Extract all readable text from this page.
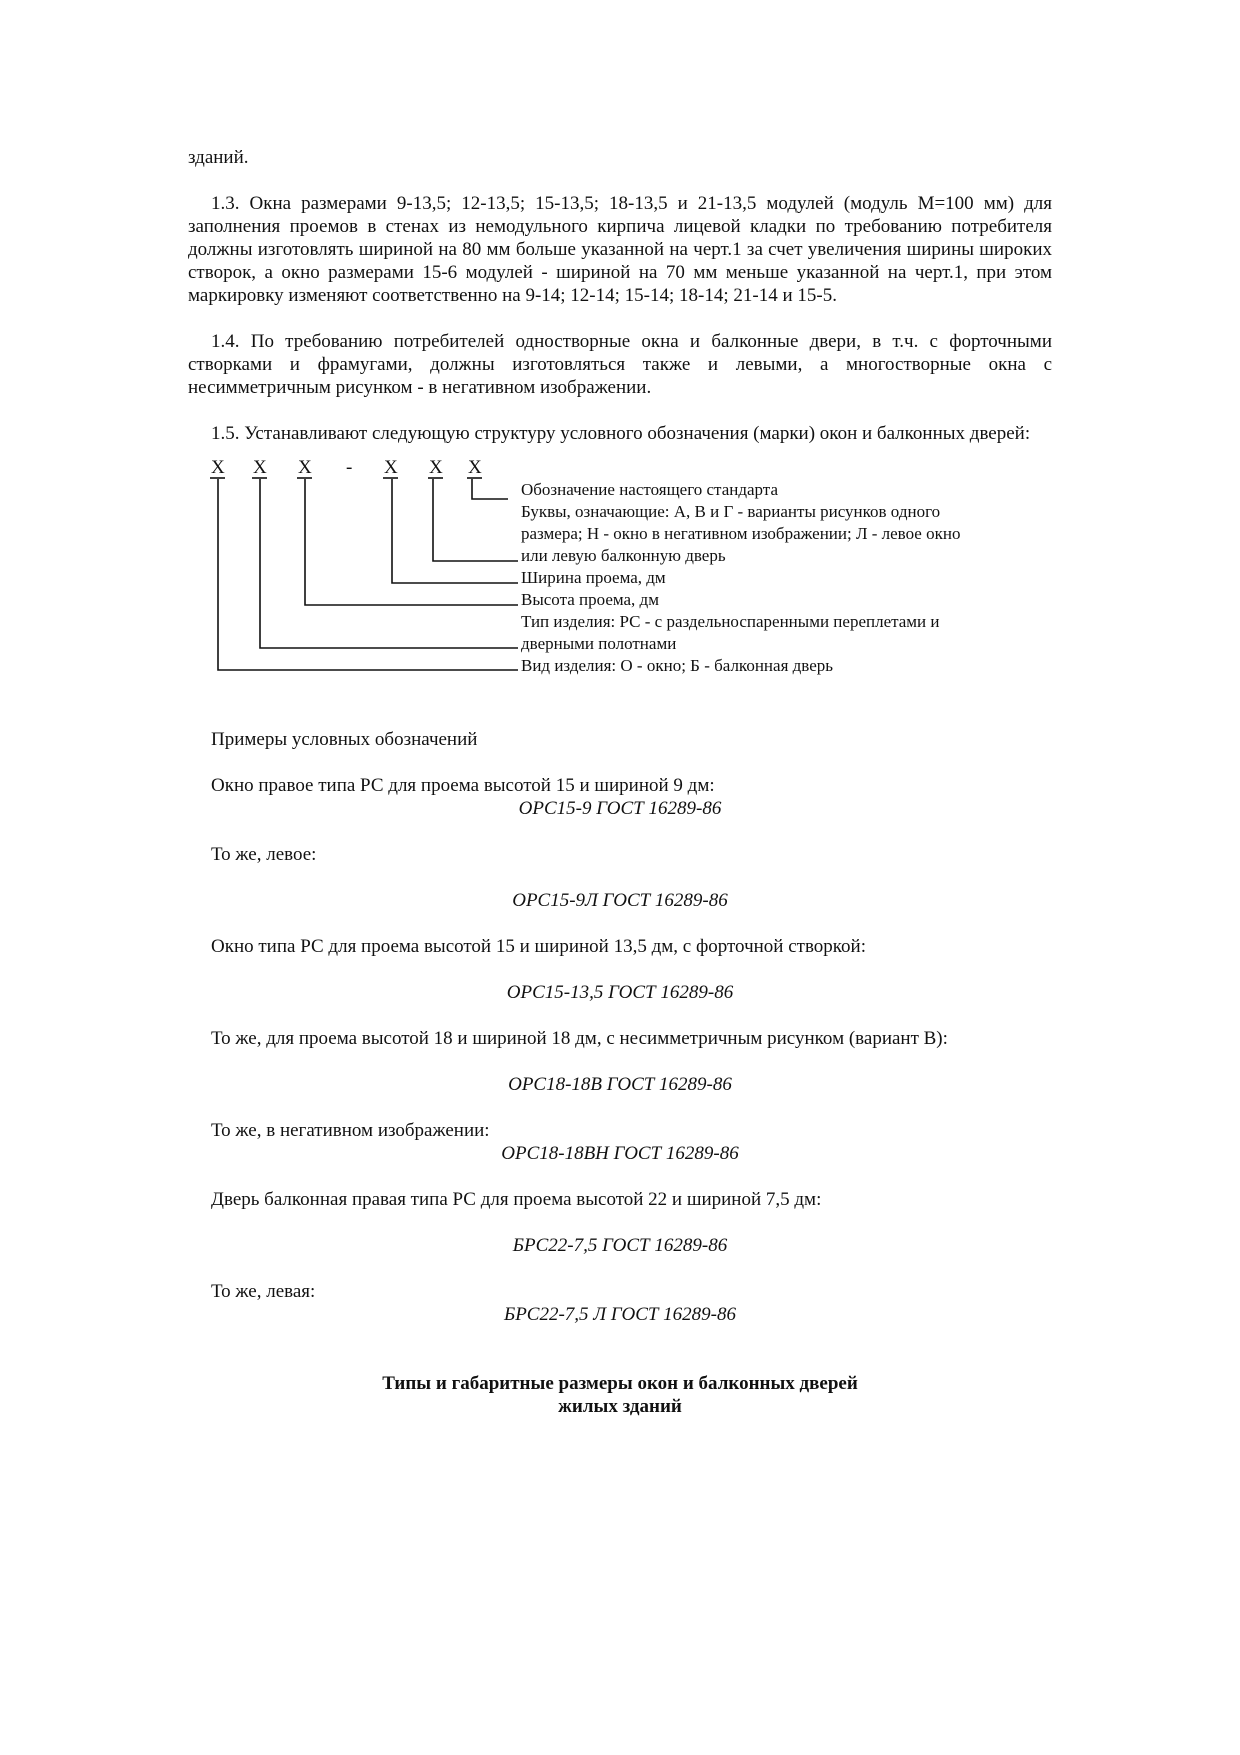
зданий.

1.3. Окна размерами 9-13,5; 12-13,5; 15-13,5; 18-13,5 и 21-13,5 модулей (модуль М=100 мм) для заполнения проемов в стенах из немодульного кирпича лицевой кладки по требованию потребителя должны изготовлять шириной на 80 мм больше указанной на черт.1 за счет увеличения ширины широких створок, а окно размерами 15-6 модулей - шириной на 70 мм меньше указанной на черт.1, при этом маркировку изменяют соответственно на 9-14; 12-14; 15-14; 18-14; 21-14 и 15-5.

1.4. По требованию потребителей одностворные окна и балконные двери, в т.ч. с форточными створками и фрамугами, должны изготовляться также и левыми, а многостворные окна с несимметричным рисунком - в негативном изображении.

1.5. Устанавливают следующую структуру условного обозначения (марки) окон и балконных дверей:

Х Х Х - Х Х Х
Обозначение настоящего стандарта
Буквы, означающие: А, В и Г - варианты рисунков одного
размера; Н - окно в негативном изображении; Л - левое окно
или левую балконную дверь
Ширина проема, дм
Высота проема, дм
Тип изделия: РС - с раздельноспаренными переплетами и
дверными полотнами
Вид изделия: О - окно; Б - балконная дверь

Примеры условных обозначений

Окно правое типа РС для проема высотой 15 и шириной 9 дм:

ОРС15-9 ГОСТ 16289-86

То же, левое:

ОРС15-9Л ГОСТ 16289-86

Окно типа РС для проема высотой 15 и шириной 13,5 дм, с форточной створкой:

ОРС15-13,5 ГОСТ 16289-86

То же, для проема высотой 18 и шириной 18 дм, с несимметричным рисунком (вариант В):

ОРС18-18В ГОСТ 16289-86

То же, в негативном изображении:

ОРС18-18ВН ГОСТ 16289-86

Дверь балконная правая типа РС для проема высотой 22 и шириной 7,5 дм:

БРС22-7,5 ГОСТ 16289-86

То же, левая:

БРС22-7,5 Л ГОСТ 16289-86

Типы и габаритные размеры окон и балконных дверей

жилых зданий
